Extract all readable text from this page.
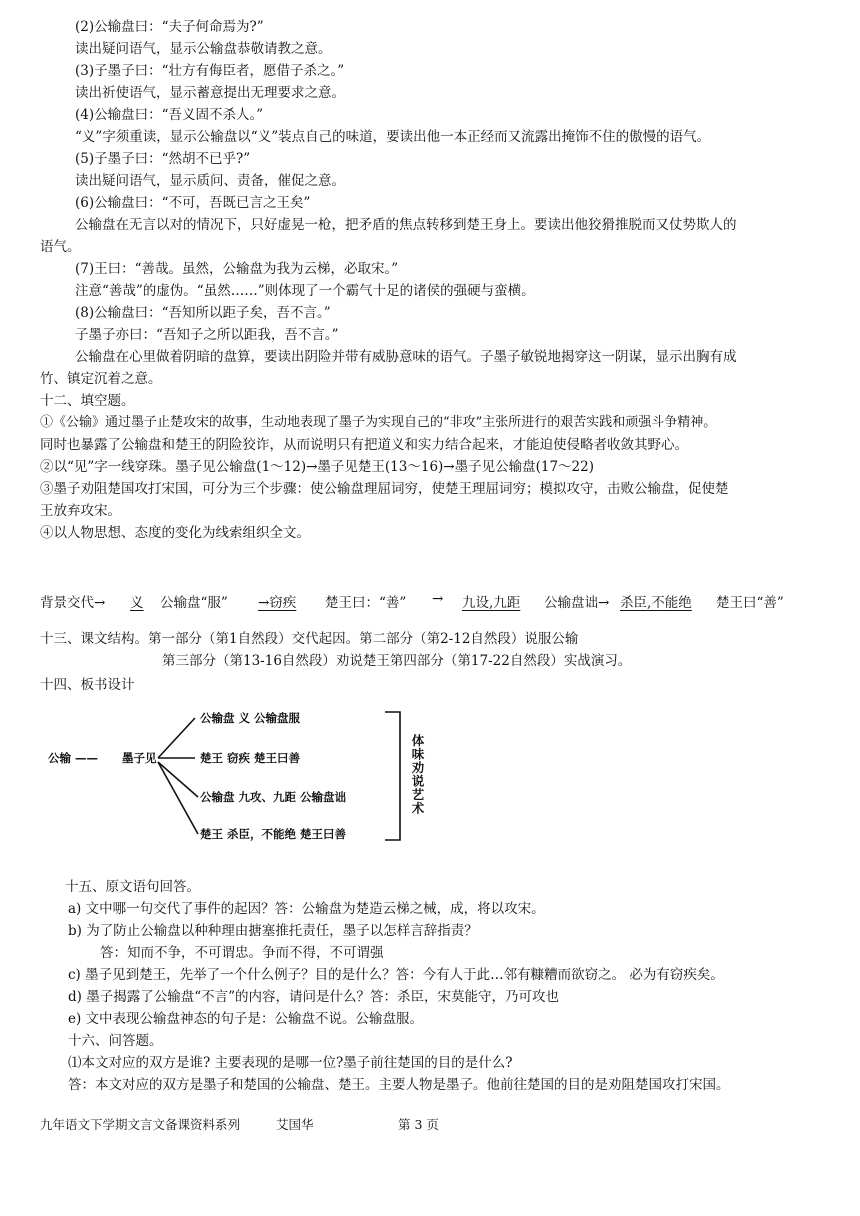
(2)公输盘曰：“夫子何命焉为?”
读出疑问语气，显示公输盘恭敬请教之意。
(3)子墨子曰：“壮方有侮臣者，愿借子杀之。”
读出祈使语气，显示蓄意提出无理要求之意。
(4)公输盘曰：“吾义固不杀人。”
“义”字须重读，显示公输盘以“义”装点自己的味道，要读出他一本正经而又流露出掩饰不住的傲慢的语气。
(5)子墨子曰：“然胡不已乎?”
读出疑问语气，显示质问、责备，催促之意。
(6)公输盘曰：“不可，吾既已言之王矣”
公输盘在无言以对的情况下，只好虚晃一枪，把矛盾的焦点转移到楚王身上。要读出他狡猾推脱而又仗势欺人的
语气。
(7)王曰：“善哉。虽然，公输盘为我为云梯，必取宋。”
注意“善哉”的虚伪。“虽然……”则体现了一个霸气十足的诸侯的强硬与蛮横。
(8)公输盘曰：“吾知所以距子矣，吾不言。”
子墨子亦曰：“吾知子之所以距我，吾不言。”
公输盘在心里做着阴暗的盘算，要读出阴险并带有威胁意味的语气。子墨子敏锐地揭穿这一阴谋，显示出胸有成
竹、镇定沉着之意。
十二、填空题。
①《公输》通过墨子止楚攻宋的故事，生动地表现了墨子为实现自己的“非攻”主张所进行的艰苦实践和顽强斗争精神。
同时也暴露了公输盘和楚王的阴险狡诈，从而说明只有把道义和实力结合起来，才能迫使侵略者收敛其野心。
②以“见”字一线穿珠。墨子见公输盘(1～12)→墨子见楚王(13～16)→墨子见公输盘(17～22)
③墨子劝阻楚国攻打宋国，可分为三个步骤：使公输盘理屈词穷，使楚王理屈词穷；模拟攻守，击败公输盘，促使楚
王放弃攻宋。
④以人物思想、态度的变化为线索组织全文。
背景交代→ 义 公输盘“服” →窃疾 楚王曰：“善” → 九设,九距 公输盘诎→ 杀臣,不能绝 楚王曰“善”
十三、课文结构。第一部分（第1自然段）交代起因。第二部分（第2-12自然段）说服公输
第三部分（第13-16自然段）劝说楚王第四部分（第17-22自然段）实战演习。
十四、板书设计
公输 —— 墨子见
公输盘 义 公输盘服
楚王 窃疾 楚王曰善
公输盘 九攻、九距 公输盘诎
楚王 杀臣，不能绝 楚王曰善
体味劝说艺术
十五、原文语句回答。
a) 文中哪一句交代了事件的起因？答：公输盘为楚造云梯之械，成，将以攻宋。
b) 为了防止公输盘以种种理由搪塞推托责任，墨子以怎样言辞指责？
答：知而不争，不可谓忠。争而不得，不可谓强
c) 墨子见到楚王，先举了一个什么例子？目的是什么？答：今有人于此…邻有糠糟而欲窃之。 必为有窃疾矣。
d) 墨子揭露了公输盘“不言”的内容，请问是什么？答：杀臣，宋莫能守，乃可攻也
e) 文中表现公输盘神态的句子是：公输盘不说。公输盘服。
十六、问答题。
⑴本文对应的双方是谁? 主要表现的是哪一位?墨子前往楚国的目的是什么?
答：本文对应的双方是墨子和楚国的公输盘、楚王。主要人物是墨子。他前往楚国的目的是劝阻楚国攻打宋国。
九年语文下学期文言文备课资料系列	艾国华	第 3 页
